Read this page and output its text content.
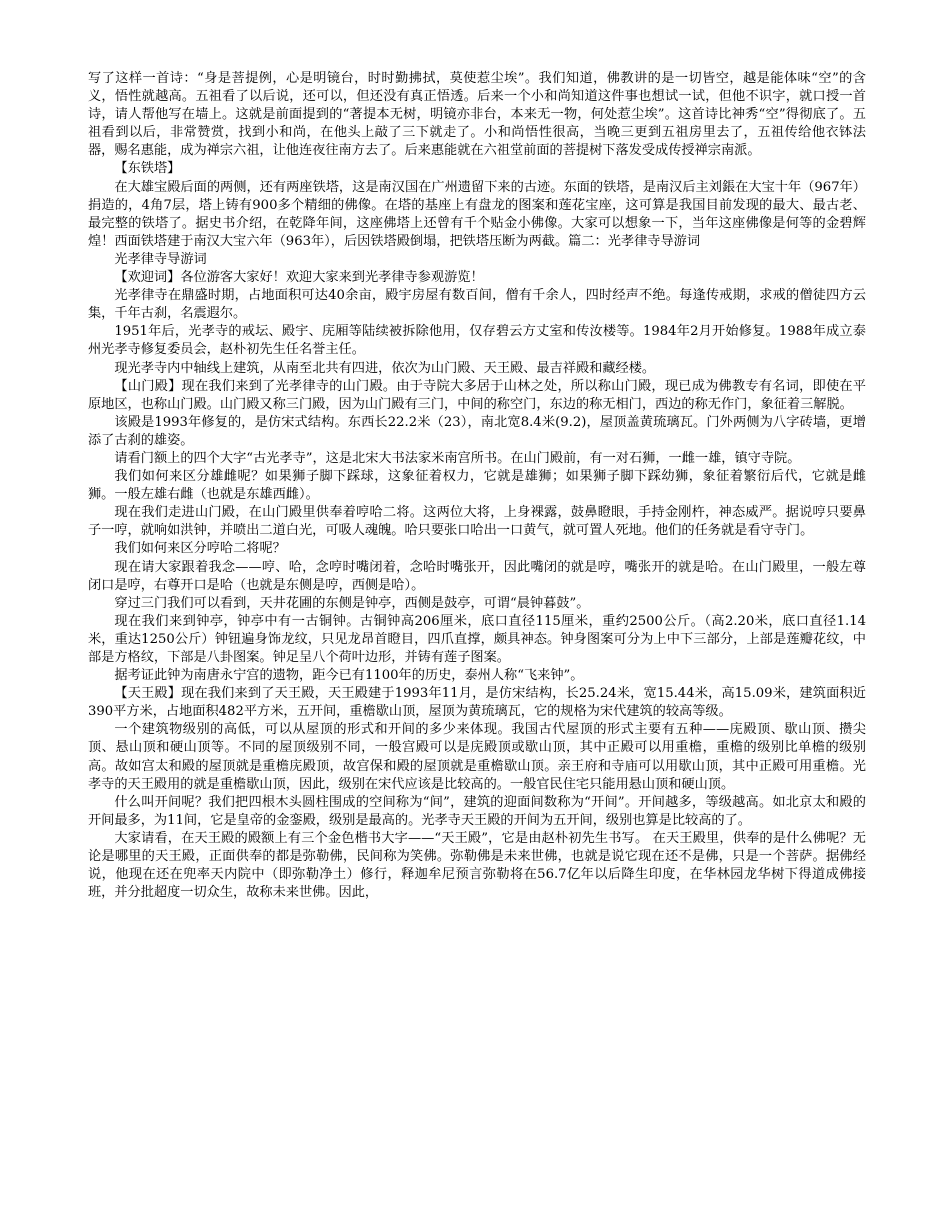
写了这样一首诗：“身是菩提例，心是明镜台，时时勤拂拭，莫使惹尘埃”。我们知道，佛教讲的是一切皆空，越是能体味“空”的含义，悟性就越高。五祖看了以后说，还可以，但还没有真正悟透。后来一个小和尚知道这件事也想试一试，但他不识字，就口授一首诗，请人帮他写在墙上。这就是前面提到的“著提本无树，明镜亦非台，本来无一物，何处惹尘埃”。这首诗比神秀“空”得彻底了。五祖看到以后，非常赞赏，找到小和尚，在他头上敲了三下就走了。小和尚悟性很高，当晚三更到五祖房里去了，五祖传给他衣钵法器，赐名惠能，成为禅宗六祖，让他连夜往南方去了。后来惠能就在六祖堂前面的菩提树下落发受成传授禅宗南派。

【东铁塔】

在大雄宝殿后面的两侧，还有两座铁塔，这是南汉国在广州遗留下来的古迹。东面的铁塔，是南汉后主刘鋹在大宝十年（967年）捐造的，4角7层，塔上铸有900多个精细的佛像。在塔的基座上有盘龙的图案和莲花宝座，这可算是我国目前发现的最大、最古老、最完整的铁塔了。据史书介绍，在乾降年间，这座佛塔上还曾有千个贴金小佛像。大家可以想象一下，当年这座佛像是何等的金碧辉煌！西面铁塔建于南汉大宝六年（963年），后因铁塔殿倒塌，把铁塔压断为两截。篇二：光孝律寺导游词

光孝律寺导游词

【欢迎词】各位游客大家好！欢迎大家来到光孝律寺参观游览！

光孝律寺在鼎盛时期，占地面积可达40余亩，殿宇房屋有数百间，僧有千余人，四时经声不绝。每逢传戒期，求戒的僧徒四方云集，千年古刹，名震遐尔。

1951年后，光孝寺的戒坛、殿宇、庑厢等陆续被拆除他用，仅存碧云方丈室和传汝楼等。1984年2月开始修复。1988年成立泰州光孝寺修复委员会，赵朴初先生任名誉主任。

现光孝寺内中轴线上建筑，从南至北共有四进，依次为山门殿、天王殿、最吉祥殿和藏经楼。

【山门殿】现在我们来到了光孝律寺的山门殿。由于寺院大多居于山林之处，所以称山门殿，现已成为佛教专有名词，即使在平原地区，也称山门殿。山门殿又称三门殿，因为山门殿有三门，中间的称空门，东边的称无相门，西边的称无作门，象征着三解脱。

该殿是1993年修复的，是仿宋式结构。东西长22.2米（23），南北宽8.4米(9.2)，屋顶盖黄琉璃瓦。门外两侧为八字砖墙，更增添了古刹的雄姿。

请看门额上的四个大字“古光孝寺”，这是北宋大书法家米南宫所书。在山门殿前，有一对石狮，一雌一雄，镇守寺院。

我们如何来区分雄雌呢？如果狮子脚下踩球，这象征着权力，它就是雄狮；如果狮子脚下踩幼狮，象征着繁衍后代，它就是雌狮。一般左雄右雌（也就是东雄西雌）。

现在我们走进山门殿，在山门殿里供奉着哼哈二将。这两位大将，上身裸露，鼓鼻瞪眼，手持金刚杵，神态威严。据说哼只要鼻子一哼，就响如洪钟，并喷出二道白光，可吸人魂魄。哈只要张口哈出一口黄气，就可置人死地。他们的任务就是看守寺门。

我们如何来区分哼哈二将呢？

现在请大家跟着我念——哼、哈，念哼时嘴闭着，念哈时嘴张开，因此嘴闭的就是哼，嘴张开的就是哈。在山门殿里，一般左尊闭口是哼，右尊开口是哈（也就是东侧是哼，西侧是哈）。

穿过三门我们可以看到，天井花圃的东侧是钟亭，西侧是鼓亭，可谓“晨钟暮鼓”。

现在我们来到钟亭，钟亭中有一古铜钟。古铜钟高206厘米，底口直径115厘米，重约2500公斤。（高2.20米，底口直径1.14米，重达1250公斤）钟钮遍身饰龙纹，只见龙昂首瞪目，四爪直撑，颇具神态。钟身图案可分为上中下三部分，上部是莲瓣花纹，中部是方格纹，下部是八卦图案。钟足呈八个荷叶边形，并铸有莲子图案。

据考证此钟为南唐永宁宫的遗物，距今已有1100年的历史，泰州人称“飞来钟”。

【天王殿】现在我们来到了天王殿，天王殿建于1993年11月，是仿宋结构，长25.24米，宽15.44米，高15.09米，建筑面积近390平方米，占地面积482平方米，五开间，重檐歇山顶，屋顶为黄琉璃瓦，它的规格为宋代建筑的较高等级。

一个建筑物级别的高低，可以从屋顶的形式和开间的多少来体现。我国古代屋顶的形式主要有五种——庑殿顶、歇山顶、攒尖顶、悬山顶和硬山顶等。不同的屋顶级别不同，一般宫殿可以是庑殿顶或歇山顶，其中正殿可以用重檐，重檐的级别比单檐的级别高。故如宫太和殿的屋顶就是重檐庑殿顶，故宫保和殿的屋顶就是重檐歇山顶。亲王府和寺庙可以用歇山顶，其中正殿可用重檐。光孝寺的天王殿用的就是重檐歇山顶，因此，级别在宋代应该是比较高的。一般官民住宅只能用悬山顶和硬山顶。

什么叫开间呢？我们把四根木头圆柱围成的空间称为“间”，建筑的迎面间数称为“开间”。开间越多，等级越高。如北京太和殿的开间最多，为11间，它是皇帝的金銮殿，级别是最高的。光孝寺天王殿的开间为五开间，级别也算是比较高的了。

大家请看，在天王殿的殿额上有三个金色楷书大字——“天王殿”，它是由赵朴初先生书写。 在天王殿里，供奉的是什么佛呢？无论是哪里的天王殿，正面供奉的都是弥勒佛，民间称为笑佛。弥勒佛是未来世佛，也就是说它现在还不是佛，只是一个菩萨。据佛经说，他现在还在兜率天内院中（即弥勒净土）修行，释迦牟尼预言弥勒将在56.7亿年以后降生印度，在华林园龙华树下得道成佛接班，并分批超度一切众生，故称未来世佛。因此，
